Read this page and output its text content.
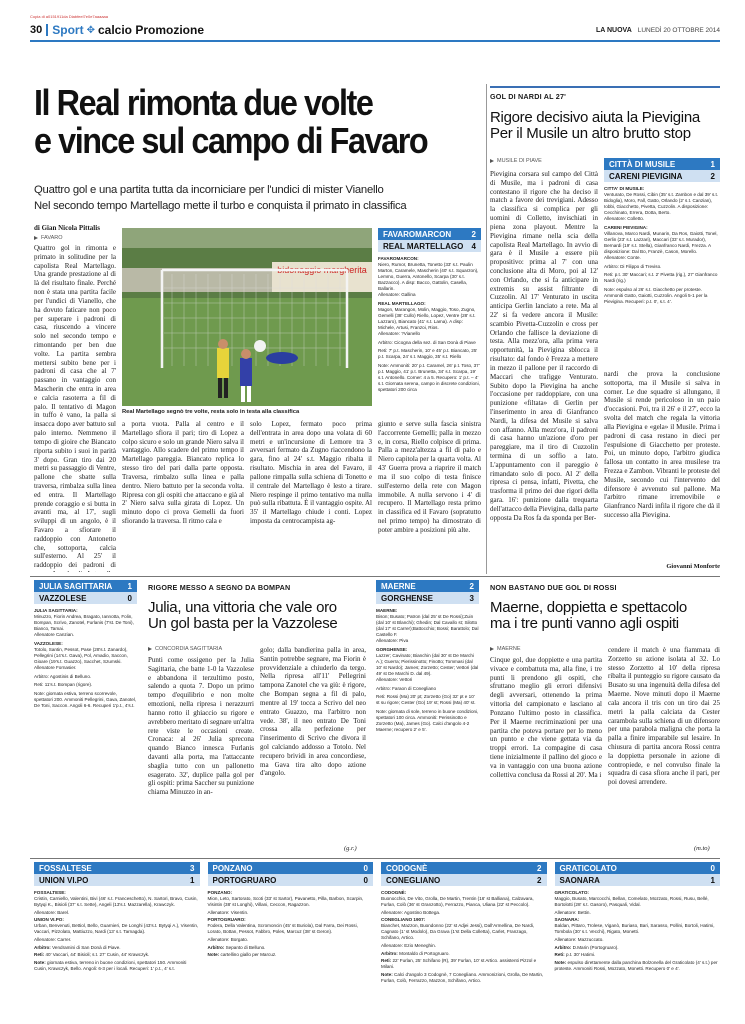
Copia di a0151911da Diabfeel7e0e7aaaaaa
30 Sport ✥ calcio Promozione	LA NUOVA LUNEDÌ 20 OTTOBRE 2014
Il Real rimonta due volte
e vince sul campo di Favaro
Quattro gol e una partita tutta da incorniciare per l'undici di mister Vianello
Nel secondo tempo Martellago mette il turbo e conquista il primato in classifica
di Gian Nicola Pittalis
FAVARO
Quattro gol in rimonta e primato in solitudine per la capolista Real Martellago. Una grande prestazione al di là del risultato finale. Perché non è stata una partita facile per l'undici di Vianello, che ha dovuto faticare non poco per superare i padroni di casa, riuscendo a vincere solo nel secondo tempo e rimontando per ben due volte. La partita sembra mettersi subito bene per i padroni di casa che al 7' passano in vantaggio con Mascherin che entra in area e calcia rasoterra a fil di palo. Il tentativo di Magon in tuffo è vano, la palla si insacca dopo aver battuto sul palo interno. Nemmeno il tempo di gioire che Biancato riporta subito i suoi in parità 3' dopo. Gran tiro dai 20 metri su passaggio di Ventre, pallone che sbatte sulla traversa, rimbalza sulla linea ed entra. Il Martellago prende coraggio e si butta in avanti ma, al 17', sugli sviluppi di un angolo, è il Favaro a sfiorare il raddoppio con Antonetto che, sottoporta, calcia sull'esterno. Al 25' il raddoppio dei padroni di
bidonaggio margherita
Real Martellago segnò tre volte, resta solo in testa alla classifica
a porta vuota. Palla al centro e il Martellago sfiora il pari; tiro di Lopez a colpo sicuro e solo un grande Niero salva il vantaggio. Allo scadere del primo tempo il Martellago pareggia. Biancato replica lo stesso tiro del pari dalla parte opposta. Traversa, rimbalzo sulla linea e palla dentro. Niero battuto per la seconda volta. Ripresa con gli ospiti che attaccano e già al 2' Niero salva sulla girata di Lopez. Un minuto dopo ci prova Gemelli da fuori sfiorando la traversa. Il ritmo cala e
solo Lopez, fermato poco prima dell'entrata in area dopo una volata di 60 metri e un'incursione di Lemore tra 3 avversari fermato da Zugno riaccendono la gara, fino al 24' s.t. Maggio ribalta il risultato. Mischia in area del Favaro, il pallone rimpalla sulla schiena di Tonetto e il centrale del Martellago è lesto a tirare. Niero respinge il primo tentativo ma nulla può sulla ribattuta. È il vantaggio ospite. Al 35' il Martellago chiude i conti. Lopez imposta da centrocampista ag-
FAVAROMARCON	2
REAL MARTELLAGO 4

FAVAROMARCON:
Niero, Rumor, Brunetta, Tonetto (33' s.t. Paulin Marton, Caramele, Mascherin (40' s.t. Squarzon), Lemmo, Guerra, Antonello, Scarpa (30' s.t. Bazzacco). A disp: Bacco, Gattolin, Casella, Ballarin.
Allenatore: Gallina

REAL MARTELLAGO:
Magon, Marangon, Molin, Maggio, Toso, Zugno, Gemelli (38' Cullo) Riello, Lopez, Ventre (28' s.t. Lazzaro), Biancato (41' s.t. Lama). A disp: Michele, Artusi, Franzoi, Rios.
Allenatore: ?Vianello

Arbitro: Cicogna della sez. di San Donà di Piave

Reti: 7' p.t. Mascherin, 10' e 45' p.t. Biancato, 25' p.t. Scarpa, 24' s.t. Maggio, 35' s.t. Riello

Note: Ammoniti: 20' p.t. Caramel, 26' p.t. Toso, 37' p.t. Maggio, 41' p.t. Brunetta, 34' s.t. Scarpa, 19' s.t. Antonello. Corner: 4 a 5. Recupero: 1' p.t. – 4' s.t. Giornata serena, campo in discrete condizioni, spettatori 200 circa

giunto e serve sulla fascia sinistra l'accorrente Gemelli; palla in mezzo e, in corsa, Riello colpisce di prima. Palla a mezz'altezza a fil di palo e Niero capitola per la quarta volta. Al 43' Guerra prova a riaprire il match ma il suo colpo di testa finisce sull'esterno della rete con Magon immobile. A nulla servono i 4' di recupero. Il Martellago resta primo in classifica ed il Favaro (sopratutto nel primo tempo) ha dimostrato di poter ambire a posizioni più alte.
GOL DI NARDI AL 27'
Rigore decisivo aiuta la Pievigina
Per il Musile un altro brutto stop
MUSILE DI PIAVE
Pievigina corsara sul campo del Città di Musile, ma i padroni di casa contestano il rigore che ha deciso il match a favore dei trevigiani. Adesso la classifica si complica per gli uomini di Colletto, invischiati in piena zona playout. Mentre la Pievigina rimane nella scia della capolista Real Martellago. In avvio di gara è il Musile a essere più propositivo: prima al 7' con una conclusione alta di Moro, poi al 12' con Orlando, che si fa anticipare in extremis su assist filtrante di Cuzzolin. Al 17' Venturato in uscita anticipa Gerlin lanciato a rete. Ma al 22' si fa vedere ancora il Musile: scambio Pivetta-Cuzzolin e cross per Orlando che fallisce la deviazione di testa. Alla mezz'ora, alla prima vera opportunità, la Pievigina sblocca il risultato: dal fondo è Frezza a mettere in mezzo il pallone per il raccordo di Maccari che trafigge Venturato. Subito dopo la Pievigina ha anche l'occasione per raddoppiare, con una punizione «filtata» di Gerlin per l'inserimento in area di Gianfranco Nardi, la difesa del Musile si salva con affanno. Alla mezz'ora, il padroni di casa hanno un'azione d'oro per pareggiare, ma il tiro di Cuzzolin termina di un soffio a lato. L'appuntamento con il pareggio è rimandato solo di poco. Al 2' della ripresa ci pensa, infatti, Pivetta, che trasforma il primo dei due rigori della gara. 16': punizione dalla trequarta dell'attacco della Pievigina, dalla parte opposta Da Ros fa da sponda per Ber-
CITTÀ DI MUSILE	1
CARENI PIEVIGINA	2

CITTA' DI MUSILE:
Venturato, De Rossi, Cibin (35' s.t. Zambon e dal 39' s.t. Bidoglia), Moro, Fall, Gatto, Orlando (2' s.t. Canzian), Iobbi, Giacchetto, Pivetta, Cuzzolin. A disposizione: Cecchinato, Errera, Dotta, Berto.
Allenatore: Colletto.

CARENI PIEVIGINA:
Villanova, Marco Nardi, Munarin, Da Ros, Gaiotti, Tonel, Gerlin (23' s.t. Lazzari), Maccari (33' s.t. Murador), Bernardi (19' s.t. Stella), Gianfranco Nardi, Frezza. A disposizione: Dal Bo, Franzè, Cason, Morello.
Allenatore: Conte.

Arbitro: Di Filippo di Treviso.

Reti: p.t. 30' Maccari; s.t. 2' Pivetta (rig.), 27' Gianfranco Nardi (rig.)

Note: espulso al 26' s.t. Giacchetto per proteste. Ammoniti Gatto, Gaiotti, Cuzzolin. Angoli 5-1 per la Pievigina. Recuperi: p.t. 0', s.t. 4'.

nardi che prova la conclusione sottoporta, ma il Musile si salva in corner. Le due squadre si allungano, il Musile si rende pericoloso in un paio d'occasioni. Poi, tra il 26' e il 27', ecco la svolta del match che regala la vittoria alla Pievigina e «gela» il Musile. Prima i padroni di casa restano in dieci per l'espulsione di Giacchetto per proteste. Poi, un minuto dopo, l'arbitro giudica fallosa un contatto in area musilese tra Frezza e Zambon. Vibranti le proteste del Musile, secondo cui l'intervento del difensore è avvenuto sul pallone. Ma l'arbitro rimane irremovibile e Gianfranco Nardi infila il rigore che dà il successo alla Pievigina.
Giovanni Monforte
JULIA SAGITTARIA 1
VAZZOLESE	0

JULIA SAGITTARIA:
Minuzzo, Fiorin Andrea, Bragato, Iannotta, Folin, Bompan, Scrivo, Zanotel, Furlanis (7'st. De Toni), Bianco, Tamai.
Allenatore Canzian.

VAZZOLESE:
Totolo, Santin, Pessot, Pase (28's.t. Zanardo), Pellegrini (14's.t. Gava), Pol, Amadio, Saccon, Gioare (19's.t. Guazzo), Sacchet, Szumski.
Allenatore Fornasier.

Arbitro: Agostinis di Belluno.

Reti: 11's.t. Bompan (rigore).

Note: giornata estiva, terreno scorrevole, spettatori 200. Ammoniti Pellegrini, Gava, Zanotel, De Toni, Saccon. Angoli 6-6. Recuperi 1'p.t., 4's.t.

RIGORE MESSO A SEGNO DA BOMPAN
Julia, una vittoria che vale oro
Un gol basta per la Vazzolese
CONCORDIA SAGITTARIA
Punti come ossigeno per la Julia Sagittaria, che batte 1-0 la Vazzolese e abbandona il terzultimo posto, salendo a quota 7. Dopo un primo tempo d'equilibrio e non molte emozioni, nella ripresa i nerazzurri hanno rotto il ghiaccio su rigore e avrebbero meritato di segnare un'altra rete viste le occasioni create. Cronaca: al 26' Julia sprecona quando Bianco innesca Furlanis davanti alla porta, ma l'attaccante sbaglia tutto con un pallonetto esagerato. 32', duplice palla gol per gli ospiti: prima Saccher su punizione chiama Minuzzo in an-
golo; dalla bandierina palla in area, Santin potrebbe segnare, ma Fiorin è provvidenziale a chiuderlo da tergo. Nella ripresa all'11' Pellegrini tampona Zanotel che va giù: è rigore, che Bompan segna a fil di palo, mentre al 19' tocca a Scrivo del neo entrato Guazzo, ma l'arbitro non vede. 38', il neo entrato De Toni crossa alla perfezione per l'inserimento di Scrivo che divora il gol calciando addosso a Totolo. Nel recupero brividi in area concordiese, ma Gava tira alto dopo azione d'angolo.
(g.r.)
MAERNE	2
GORGHENSE	3

MAERNE:
Bison; Busato; Patron (dal 25' st De Rossi);Zuin (dal 10' st Blanchi); Ghedin; Dal Cavallo st; Silotto (dal 17' st Carrer);Battocchio; Bossi; Barattolo; Dal Castello F.
Allenatore: Piva

GORGHENSE:
Lazzer; Cavinato; Bianchin (dal 30' st De Marchi A.); Guerra; Pierissinotto; Finotto; Tommasi (dal 10' st Nardo); James; Zorzetto; Cester; Vettori (dal 49' st De Marchi D. dal 49).
Allenatore: Vettori

Arbitro: Faraon di Conegliano

Reti: Rossi (Ma) 20' pt; Zorzetto (Go) 32' pt e 10' st su rigore; Cester (Go) 19' st; Rossi (Ma) 40' st.

Note: giornata di sole, terreno in buone condizioni, spettatori 100 circa. Ammoniti: Perissinotto e Zorzetto (Ma), James (Go). Calci d'angolo 4-2 Maerne; recupero 2' e 5'.

NON BASTANO DUE GOL DI ROSSI
Maerne, doppietta e spettacolo
ma i tre punti vanno agli ospiti
MAERNE
Cinque gol, due doppiette e una partita vivace e combattuta ma, alla fine, i tre punti li prendono gli ospiti, che sfruttano meglio gli errori difensivi degli avversari, ottenendo la prima vittoria del campionato e lasciano al Ponzano l'ultimo posto in classifica. Per il Maerne recriminazioni per una partita che poteva portare per lo meno un punto e che viene gettata via da troppi errori. La compagine di casa tiene inizialmente il pallino del gioco e va in vantaggio con una buona azione collettiva conclusa da Rossi al 20'. Ma i
cendere il match è una fiammata di Zorzetto su azione isolata al 32. Lo stesso Zorzetto al 10' della ripresa ribalta il punteggio su rigore causato da Busato su una ingenuità della difesa del Maerne. Nove minuti dopo il Maerne cala ancora il tris con un tiro dai 25 metri la palla calciata da Cester carambola sulla schiena di un difensore per una parabola maligna che porta la palla a finire imparabile sul lesaire. In chiusura di partita ancora Rossi centra la doppietta personale in azione di contropiede, e nel convulso finale la squadra di casa sfiora anche il pari, per poi dovesi arrendere.
(m.to)
FOSSALTESE	3
UNION VI.PO	1

FOSSALTESE:
Cristin, Carniello, Valentini, Bivi (46' s.t. Franceschetto), N. Sartori, Bravo, Cusin, Bytyqi K., Bisioli (37' s.t. Sette), Angeli (13's.t. Mazzarella), Krawczyk.

Allenatore: Barel.

UNION VI.PO:
Urban, Benvenuti, Bettiol, Bello, Guarnieri, De Longhi (43's.t. Bytyqi A.), Visentin, Vaccari, Pizzolato, Mattiuzzo, Nardi (13' s.t. Tarnagda).

Allenatore: Carrer.

Arbitro: Vendramini di San Donà di Piave.

Reti: 40' Vaccari, 44' Bisioli; s.t. 27' Cusin, 44' Krawczyk.

Note: giornata estiva, terreno in buone condizioni, spettatori 150. Ammoniti Cusin, Krawczyk, Bello. Angoli: 6-3 per i locali. Recuperi: 1' p.t., 4' s.t.

PONZANO	0
PORTOGRUARO	0

PONZANO:
Mion, Leto, Sartorato, Scoti (33' st Sartor), Pavanetto, Pilla, Barbon, Scarpin, Visintin (38' st Longhi), Villani, Ceccon, Ragazzon.

Allenatore: Visentin.

PORTOGRUARO:
Fodera, Della Valentina, Scromoncin (45' st Buriola), Dal Farra, Dei Rossi, Lorato, Bottan, Pessot, Fabbro, Poles, Marcuz (38' st Geron).

Allenatore: Borgato.

Arbitro: Sepanto di Belluno.

Note: cartellino giallo per Marcuz.

CODOGNÈ	2
CONEGLIANO	2

CODOGNÈ:
Buonocchio, De Vito, Grolla, De Martin, Trentin (16' st Balliana), Calzavara, Furlan, Colò (36' st Granzotto), Ferrazzo, Pianca, Uliana (22' st Peccolo).

Allenatore: Agostino Bottega.

CONEGLIANO 1907:
Bianchet, Mazzon, Buondonno (22' st Adjei Jessi), Dall'Armellina, De Nardi, Cagnato (1' st Modolo), Da Grava (1'st Della Colletta), Carlet, Franzago, Schifano, Artico.

Allenatore: Ezio Meneghin.

Arbitro: Montaldo di Portogruaro.

Reti: 22' Furlan, 25' Schifano (R), 39' Furlan, 10' st Artico. assistenti Pizzol e Milani.

Note: Calci d'angolo 3 Codognè, 7 Conegliano. Ammonizioni, Grolla, De Martin, Furlan, Colò, Ferrazzo, Mazzon, Schifano, Artico.

GRATICOLATO	0
SAONARA	1

GRATICOLATO:
Maggio, Busato, Marcocchi, Bellan, Comelato, Mozzato, Rossi, Rusu, Bellé, Bortolotti (28' s.t. Gasoro), Pasquali, Vidal.

Allenatore: Bettin.

SAONARA:
Baldan, Pittaro, Trolese, Viganò, Buriaso, Bari, Sarasso, Pollini, Bortoli, Hatimi, Tombola (30' s.t. Vecchi), Rigato, Monetti.

Allenatore: Mazzuccato.

Arbitro: D.Marin (Portogruaro).

Reti: p.t. 30' Hatimi.

Note: espulso direttamente dalla panchina Bolzonella del Graticolato (4' s.t.) per proteste. Ammoniti Rossi, Mozzato, Monetti. Recupero 0' e 4'.
